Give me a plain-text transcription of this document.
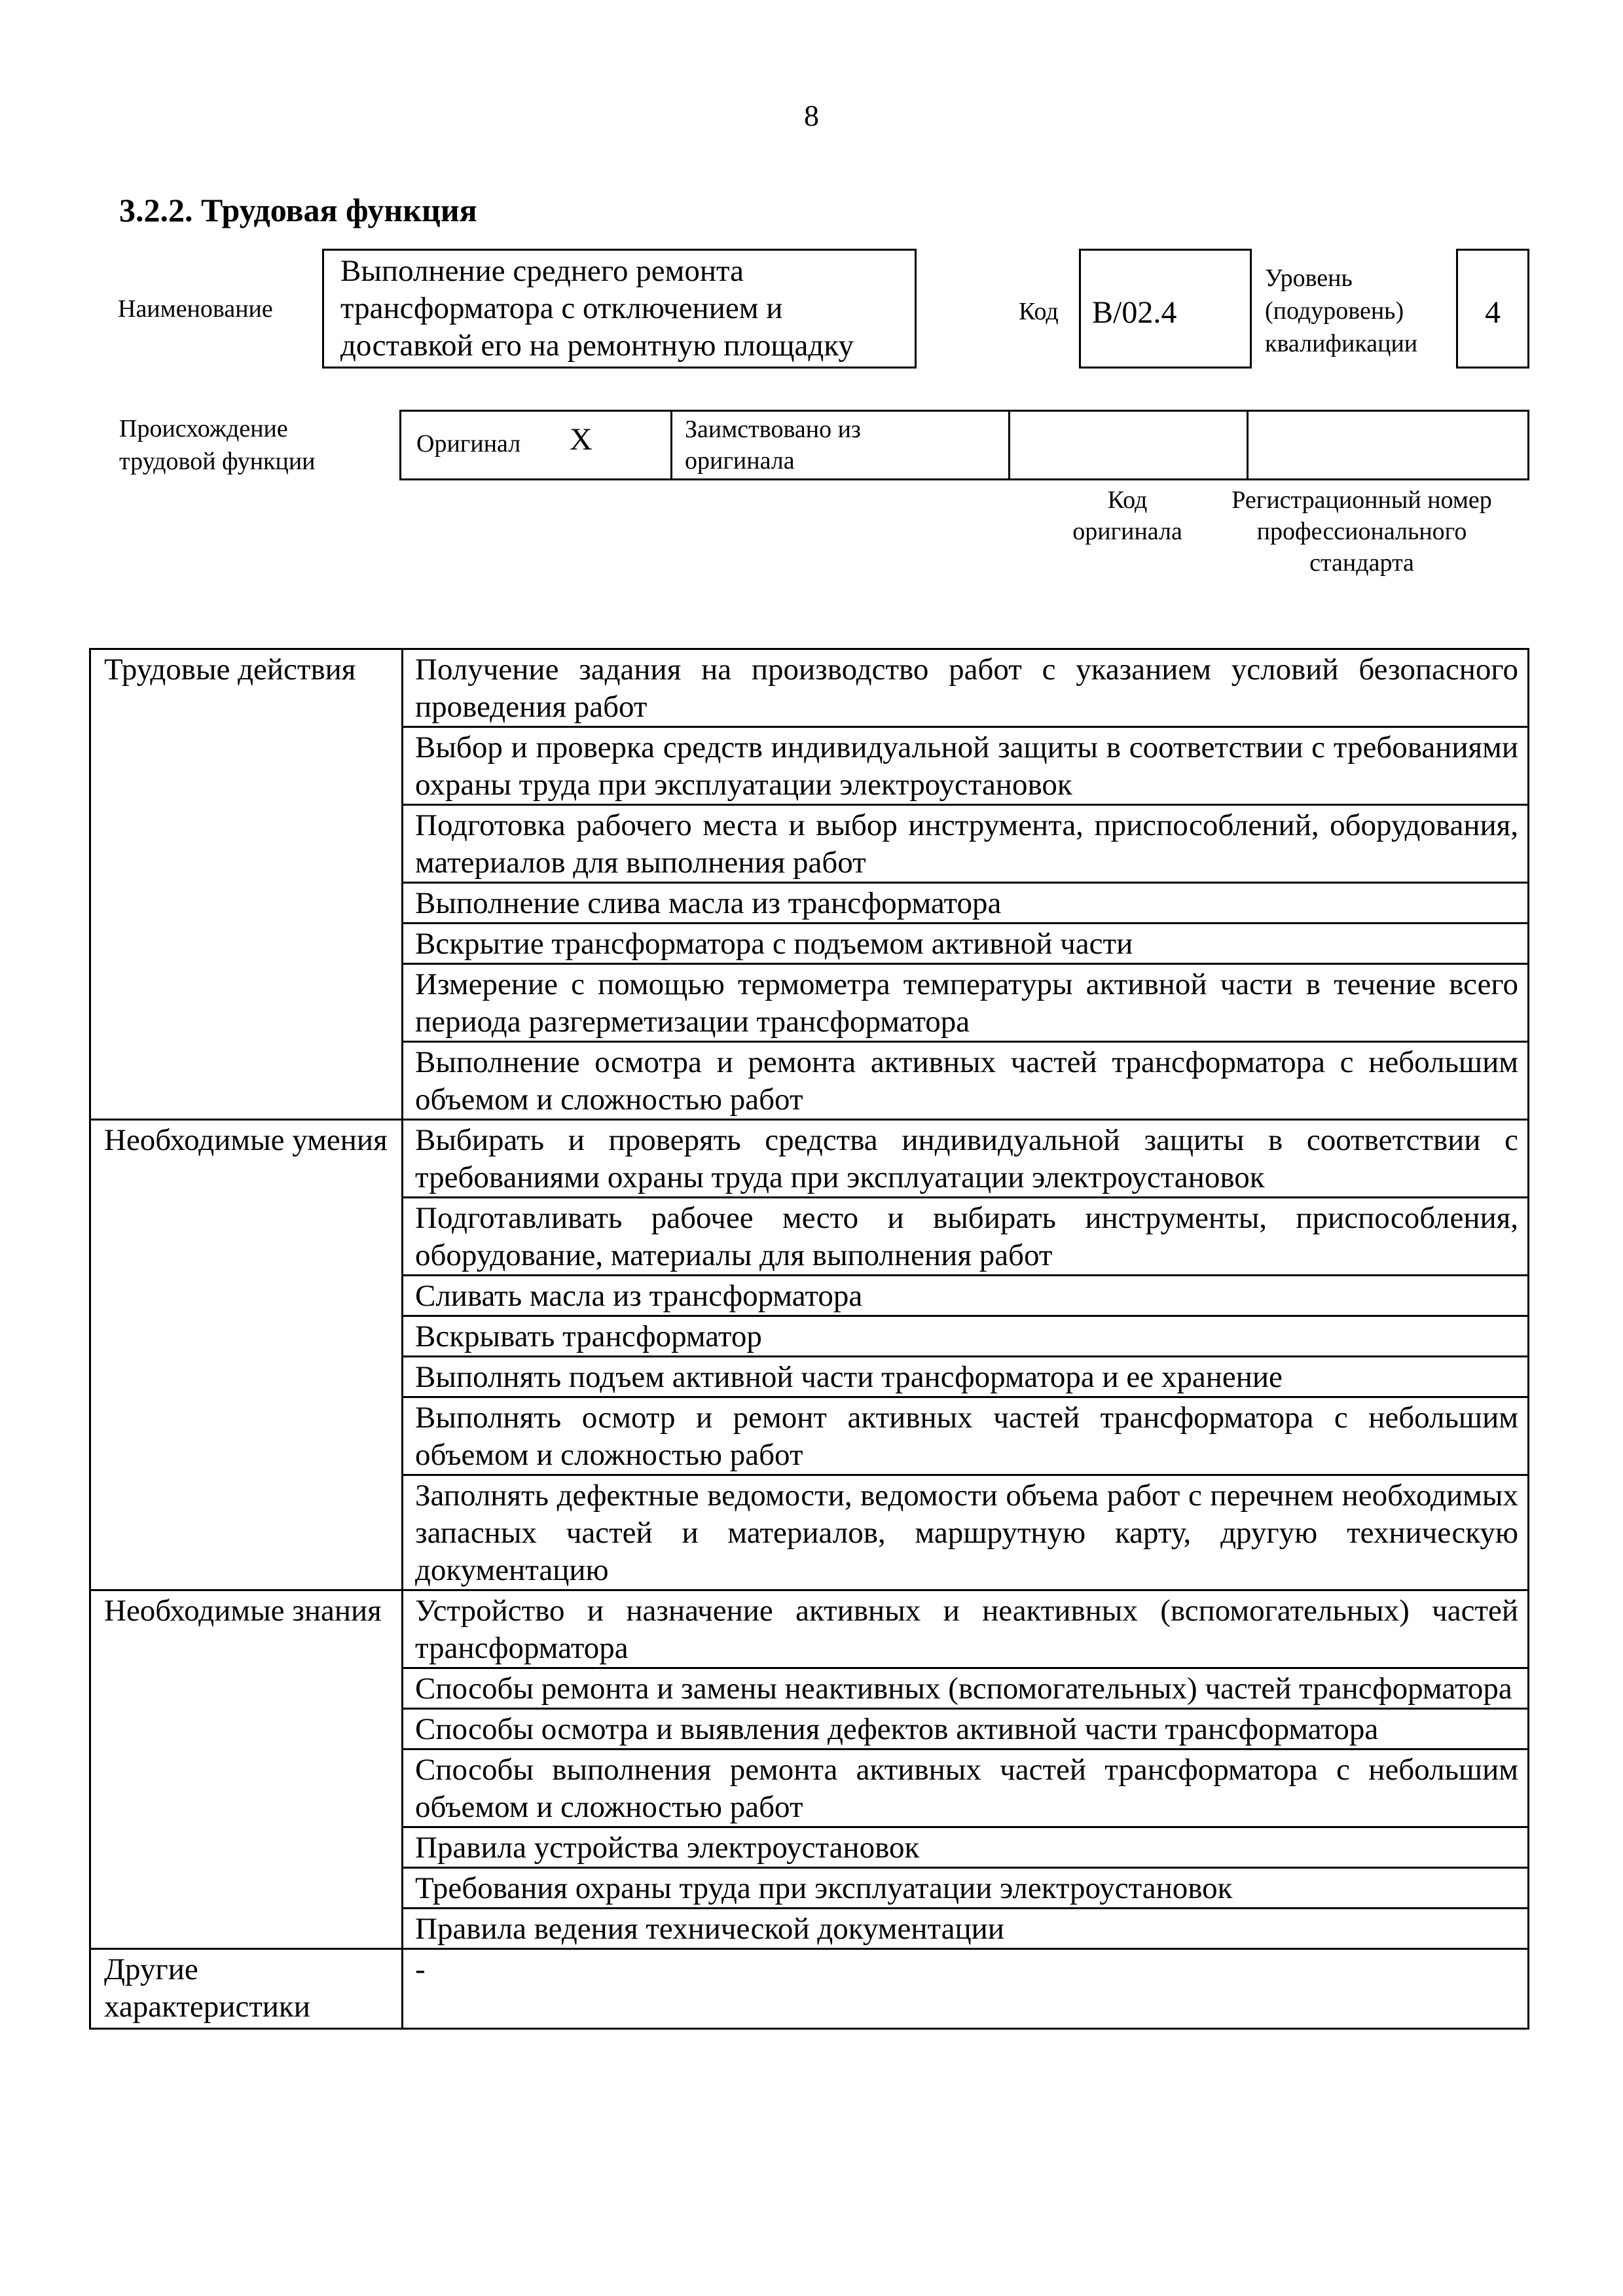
8
3.2.2. Трудовая функция
Наименование
Выполнение среднего ремонта
трансформатора с отключением и
доставкой его на ремонтную площадку
Код В/02.4
Уровень
(подуровень)
квалификации
4
Происхождение
трудовой функции
Оригинал X	Заимствовано из
оригинала
Код
оригинала
Регистрационный номер
профессионального
стандарта
Трудовые действия	Получение задания на производство работ с указанием условий безопасного проведения работ
	Выбор и проверка средств индивидуальной защиты в соответствии с требованиями охраны труда при эксплуатации электроустановок
	Подготовка рабочего места и выбор инструмента, приспособлений, оборудования, материалов для выполнения работ
	Выполнение слива масла из трансформатора
	Вскрытие трансформатора с подъемом активной части
	Измерение с помощью термометра температуры активной части в течение всего периода разгерметизации трансформатора
	Выполнение осмотра и ремонта активных частей трансформатора с небольшим объемом и сложностью работ
Необходимые умения	Выбирать и проверять средства индивидуальной защиты в соответствии с требованиями охраны труда при эксплуатации электроустановок
	Подготавливать рабочее место и выбирать инструменты, приспособления, оборудование, материалы для выполнения работ
	Сливать масла из трансформатора
	Вскрывать трансформатор
	Выполнять подъем активной части трансформатора и ее хранение
	Выполнять осмотр и ремонт активных частей трансформатора с небольшим объемом и сложностью работ
	Заполнять дефектные ведомости, ведомости объема работ с перечнем необходимых запасных частей и материалов, маршрутную карту, другую техническую документацию
Необходимые знания	Устройство и назначение активных и неактивных (вспомогательных) частей трансформатора
	Способы ремонта и замены неактивных (вспомогательных) частей трансформатора
	Способы осмотра и выявления дефектов активной части трансформатора
	Способы выполнения ремонта активных частей трансформатора с небольшим объемом и сложностью работ
	Правила устройства электроустановок
	Требования охраны труда при эксплуатации электроустановок
	Правила ведения технической документации
Другие характеристики	-
